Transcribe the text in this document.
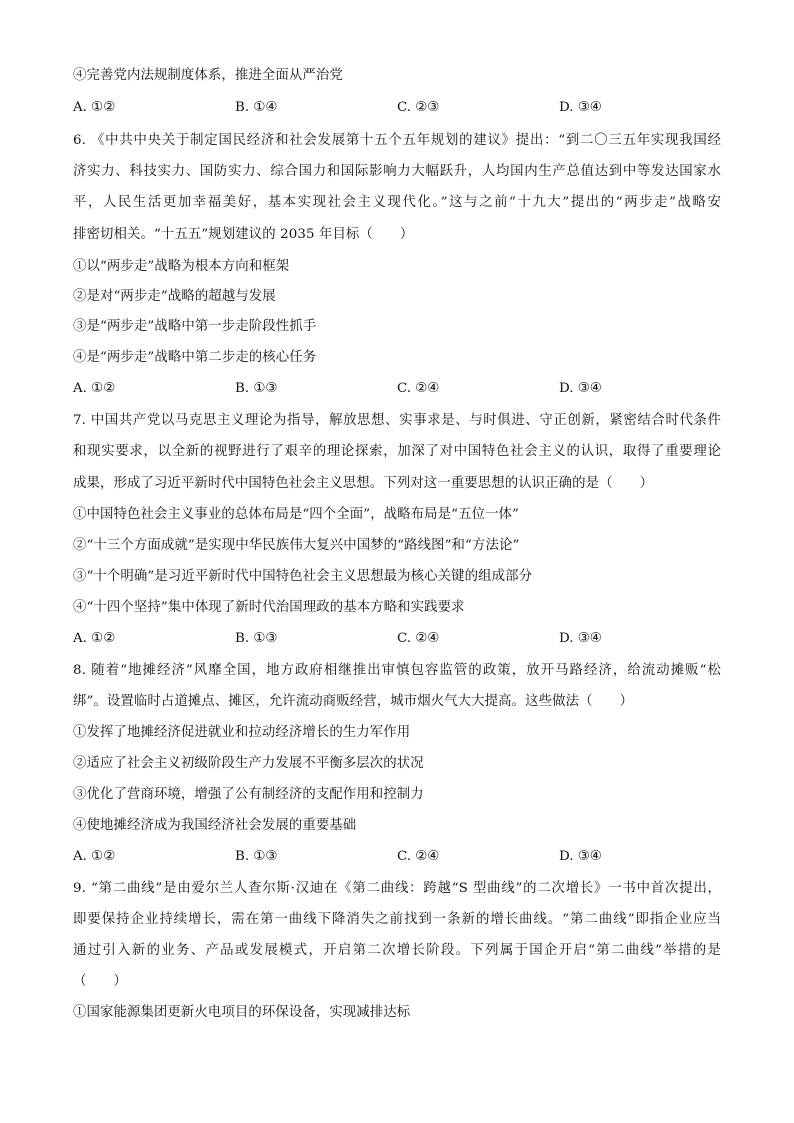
④完善党内法规制度体系，推进全面从严治党
A. ①②	B. ①④	C. ②③	D. ③④
6. 《中共中央关于制定国民经济和社会发展第十五个五年规划的建议》提出：“到二〇三五年实现我国经
济实力、科技实力、国防实力、综合国力和国际影响力大幅跃升，人均国内生产总值达到中等发达国家水
平，人民生活更加幸福美好，基本实现社会主义现代化。”这与之前“十九大”提出的“两步走”战略安
排密切相关。“十五五”规划建议的 2035 年目标（　　）
①以“两步走”战略为根本方向和框架
②是对“两步走”战略的超越与发展
③是“两步走”战略中第一步走阶段性抓手
④是“两步走”战略中第二步走的核心任务
A. ①②	B. ①③	C. ②④	D. ③④
7. 中国共产党以马克思主义理论为指导，解放思想、实事求是、与时俱进、守正创新，紧密结合时代条件
和现实要求，以全新的视野进行了艰辛的理论探索，加深了对中国特色社会主义的认识，取得了重要理论
成果，形成了习近平新时代中国特色社会主义思想。下列对这一重要思想的认识正确的是（　　）
①中国特色社会主义事业的总体布局是“四个全面”，战略布局是“五位一体”
②“十三个方面成就”是实现中华民族伟大复兴中国梦的“路线图”和“方法论”
③“十个明确”是习近平新时代中国特色社会主义思想最为核心关键的组成部分
④“十四个坚持”集中体现了新时代治国理政的基本方略和实践要求
A. ①②	B. ①③	C. ②④	D. ③④
8. 随着“地摊经济”风靡全国，地方政府相继推出审慎包容监管的政策，放开马路经济，给流动摊贩“松
绑”。设置临时占道摊点、摊区，允许流动商贩经营，城市烟火气大大提高。这些做法（　　）
①发挥了地摊经济促进就业和拉动经济增长的生力军作用
②适应了社会主义初级阶段生产力发展不平衡多层次的状况
③优化了营商环境，增强了公有制经济的支配作用和控制力
④使地摊经济成为我国经济社会发展的重要基础
A. ①②	B. ①③	C. ②④	D. ③④
9. “第二曲线”是由爱尔兰人查尔斯·汉迪在《第二曲线：跨越“S 型曲线”的二次增长》一书中首次提出，
即要保持企业持续增长，需在第一曲线下降消失之前找到一条新的增长曲线。“第二曲线”即指企业应当
通过引入新的业务、产品或发展模式，开启第二次增长阶段。下列属于国企开启“第二曲线”举措的是
（　　）
①国家能源集团更新火电项目的环保设备，实现减排达标
